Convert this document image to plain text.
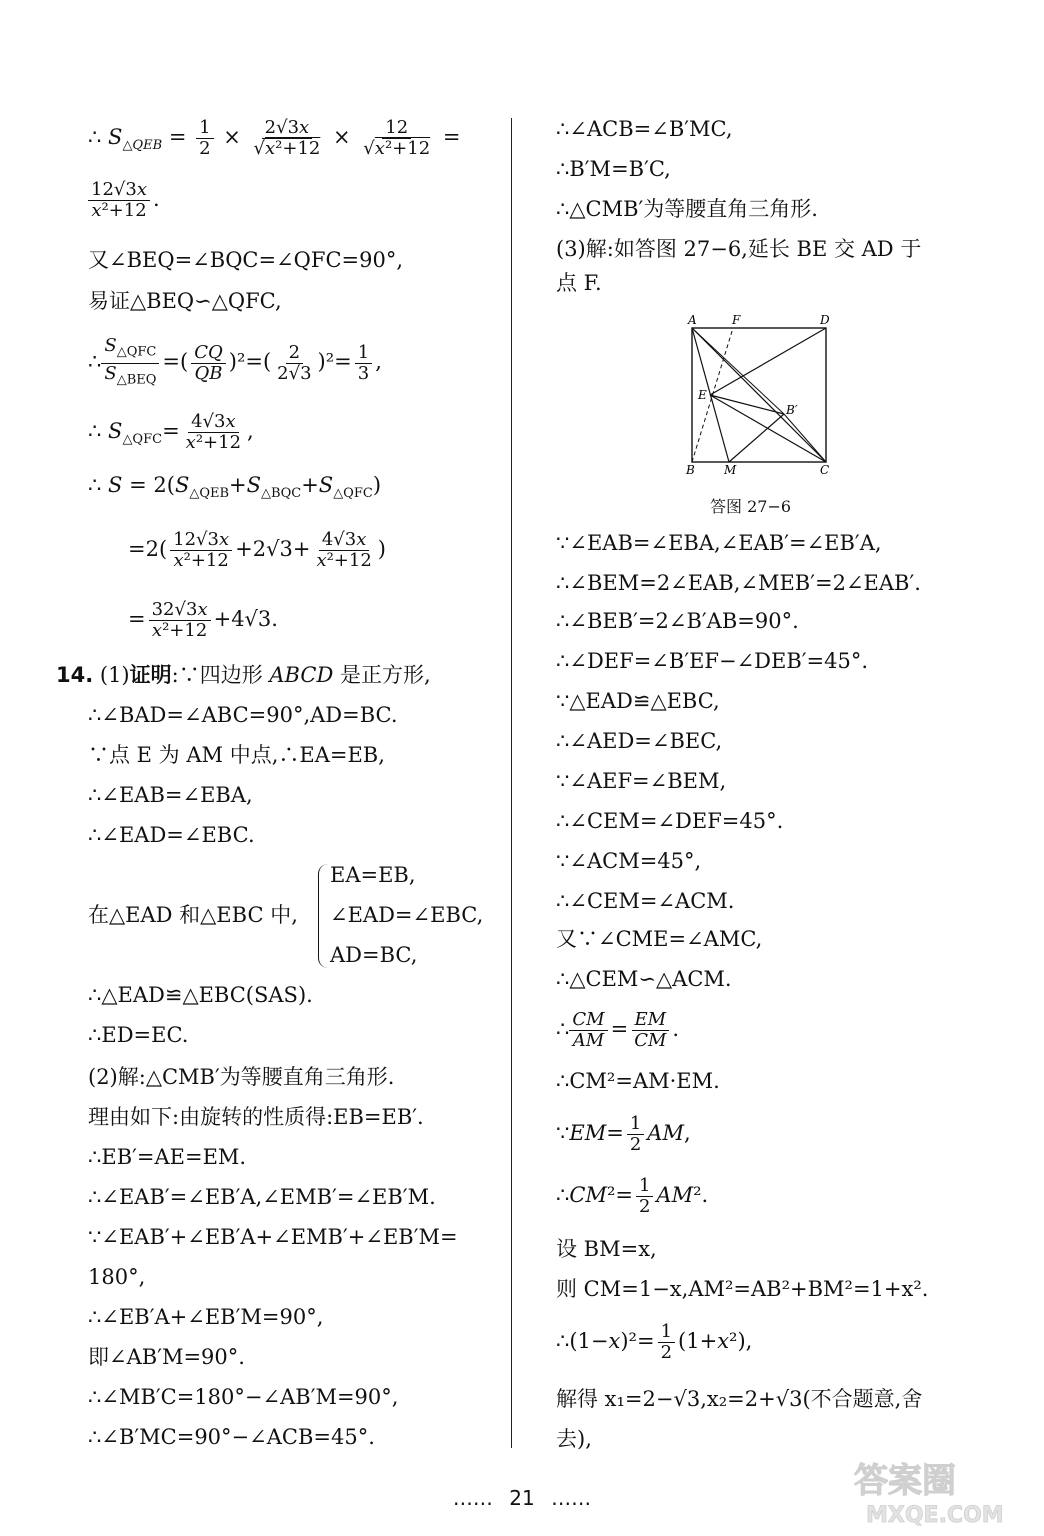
∴ $S_{\triangle QEB} = \frac{1}{2} \times \frac{2√3x}{\text{√x²+12}} \times \frac{12}{\text{√x²+12}}$ =
$\frac{12√3x}{\text{x²+12}}$ .
又∠BEQ=∠BQC=∠QFC=90°,
易证△BEQ∽△QFC,
∴ $\frac{S_{\triangle QFC}}{S_{\triangle BEQ}}$ =( $\frac{CQ}{QB} )^2=( \frac{2}{2√3} )^2= \frac{1}{3}$ ,
∴ $S_{\triangle QFC}= \frac{4√3x}{\text{x²+12}}$ ,
∴ $S = 2(S_{\triangle QEB}+S_{\triangle BQC}+S_{\triangle QFC})$
$=2( \frac{12√3x}{\text{x²+12}} +2√3+ \frac{4√3x}{\text{x²+12}}$ )
= $\frac{32√3x}{\text{x²+12}} +4√3$.
14. (1)证明:∵四边形 ABCD 是正方形,
∴∠BAD=∠ABC=90°,AD=BC.
∵点 E 为 AM 中点,∴EA=EB,
∴∠EAB=∠EBA,
∴∠EAD=∠EBC.
在△EAD 和△EBC 中,
EA=EB,
∠EAD=∠EBC,
AD=BC,
∴△EAD≌△EBC(SAS).
∴ED=EC.
(2)解:△CMB′为等腰直角三角形.
理由如下:由旋转的性质得:EB=EB′.
∴EB′=AE=EM.
∴∠EAB′=∠EB′A,∠EMB′=∠EB′M.
∵∠EAB′+∠EB′A+∠EMB′+∠EB′M=
180°,
∴∠EB′A+∠EB′M=90°,
即∠AB′M=90°.
∴∠MB′C=180°−∠AB′M=90°,
∴∠B′MC=90°−∠ACB=45°.
∴∠ACB=∠B′MC,
∴B′M=B′C,
∴△CMB′为等腰直角三角形.
(3)解:如答图 27−6,延长 BE 交 AD 于
点 F.
A	F	D
E
B′
B M	C
答图 27−6
∵∠EAB=∠EBA,∠EAB′=∠EB′A,
∴∠BEM=2∠EAB,∠MEB′=2∠EAB′.
∴∠BEB′=2∠B′AB=90°.
∴∠DEF=∠B′EF−∠DEB′=45°.
∵△EAD≌△EBC,
∴∠AED=∠BEC,
∵∠AEF=∠BEM,
∴∠CEM=∠DEF=45°.
∵∠ACM=45°,
∴∠CEM=∠ACM.
又∵∠CME=∠AMC,
∴△CEM∽△ACM.
∴ $\frac{CM}{AM} = \frac{EM}{CM}$ .
∴CM²=AM·EM.
∵EM= $\frac{1}{2}$ AM,
∴CM²= $\frac{1}{2} AM^2$.
设 BM=x,
则 CM=1−x,AM²=AB²+BM²=1+x².
∴(1−x)²= $\frac{1}{2} (1+x^2)$,
解得 x₁=2−√3,x₂=2+√3(不合题意,舍
去),
…… 21 ……	答案圈
MXQE.COM
